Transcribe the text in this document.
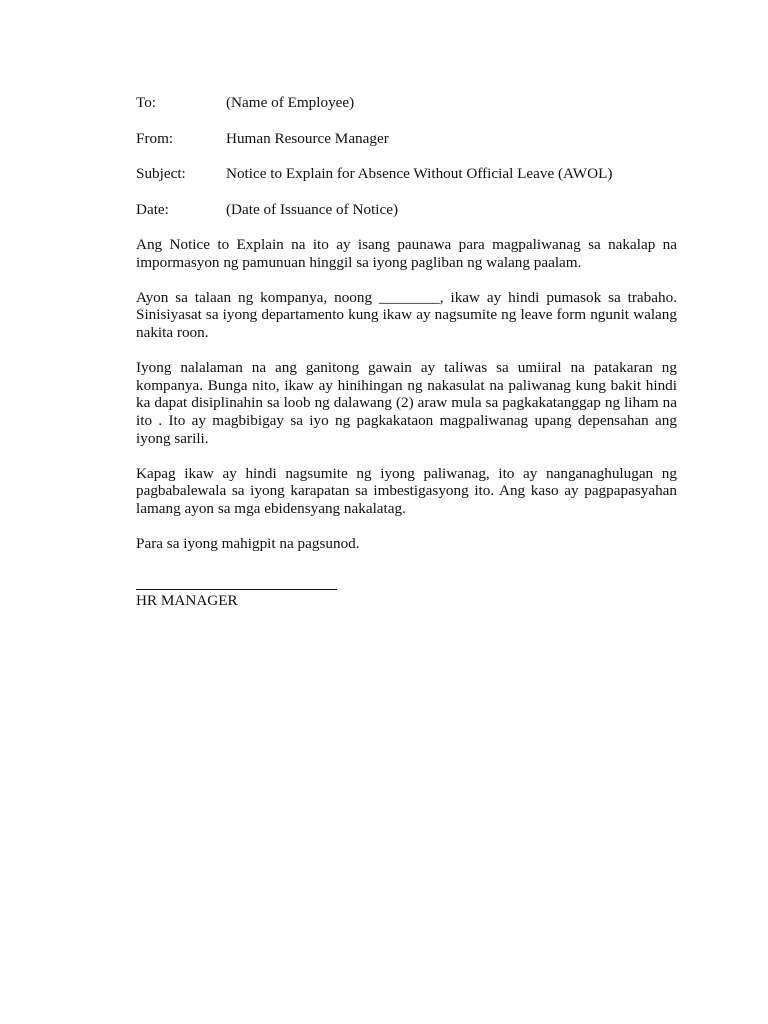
To:	(Name of Employee)
From:	Human Resource Manager
Subject:	Notice to Explain for Absence Without Official Leave (AWOL)
Date:	(Date of Issuance of Notice)

Ang Notice to Explain na ito ay isang paunawa para magpaliwanag sa nakalap na impormasyon ng pamunuan hinggil sa iyong pagliban ng walang paalam.

Ayon sa talaan ng kompanya, noong ________, ikaw ay hindi pumasok sa trabaho. Sinisiyasat sa iyong departamento kung ikaw ay nagsumite ng leave form ngunit walang nakita roon.

Iyong nalalaman na ang ganitong gawain ay taliwas sa umiiral na patakaran ng kompanya. Bunga nito, ikaw ay hinihingan ng nakasulat na paliwanag kung bakit hindi ka dapat disiplinahin sa loob ng dalawang (2) araw mula sa pagkakatanggap ng liham na ito . Ito ay magbibigay sa iyo ng pagkakataon magpaliwanag upang depensahan ang iyong sarili.

Kapag ikaw ay hindi nagsumite ng iyong paliwanag, ito ay nanganaghulugan ng pagbabalewala sa iyong karapatan sa imbestigasyong ito. Ang kaso ay pagpapasyahan lamang ayon sa mga ebidensyang nakalatag.

Para sa iyong mahigpit na pagsunod.

HR MANAGER
